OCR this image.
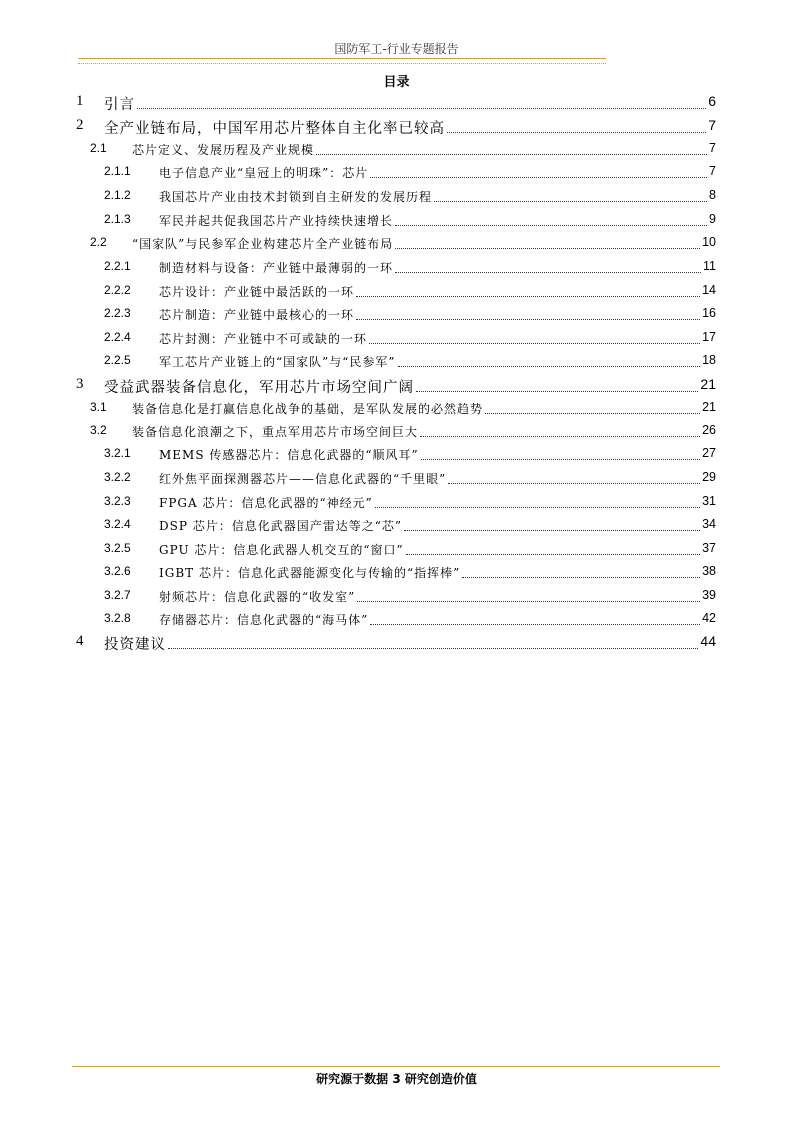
国防军工-行业专题报告
目录
1 引言	6
2 全产业链布局，中国军用芯片整体自主化率已较高	7
2.1 芯片定义、发展历程及产业规模	7
2.1.1 电子信息产业“皇冠上的明珠”：芯片	7
2.1.2 我国芯片产业由技术封锁到自主研发的发展历程	8
2.1.3 军民并起共促我国芯片产业持续快速增长	9
2.2 “国家队”与民参军企业构建芯片全产业链布局	10
2.2.1 制造材料与设备：产业链中最薄弱的一环	11
2.2.2 芯片设计：产业链中最活跃的一环	14
2.2.3 芯片制造：产业链中最核心的一环	16
2.2.4 芯片封测：产业链中不可或缺的一环	17
2.2.5 军工芯片产业链上的“国家队”与“民参军”	18
3 受益武器装备信息化，军用芯片市场空间广阔	21
3.1 装备信息化是打赢信息化战争的基础，是军队发展的必然趋势	21
3.2 装备信息化浪潮之下，重点军用芯片市场空间巨大	26
3.2.1 MEMS 传感器芯片：信息化武器的“顺风耳”	27
3.2.2 红外焦平面探测器芯片——信息化武器的“千里眼”	29
3.2.3 FPGA 芯片：信息化武器的“神经元”	31
3.2.4 DSP 芯片：信息化武器国产雷达等之“芯”	34
3.2.5 GPU 芯片：信息化武器人机交互的“窗口”	37
3.2.6 IGBT 芯片：信息化武器能源变化与传输的“指挥棒”	38
3.2.7 射频芯片：信息化武器的“收发室”	39
3.2.8 存储器芯片：信息化武器的“海马体”	42
4 投资建议	44
研究源于数据 3 研究创造价值
